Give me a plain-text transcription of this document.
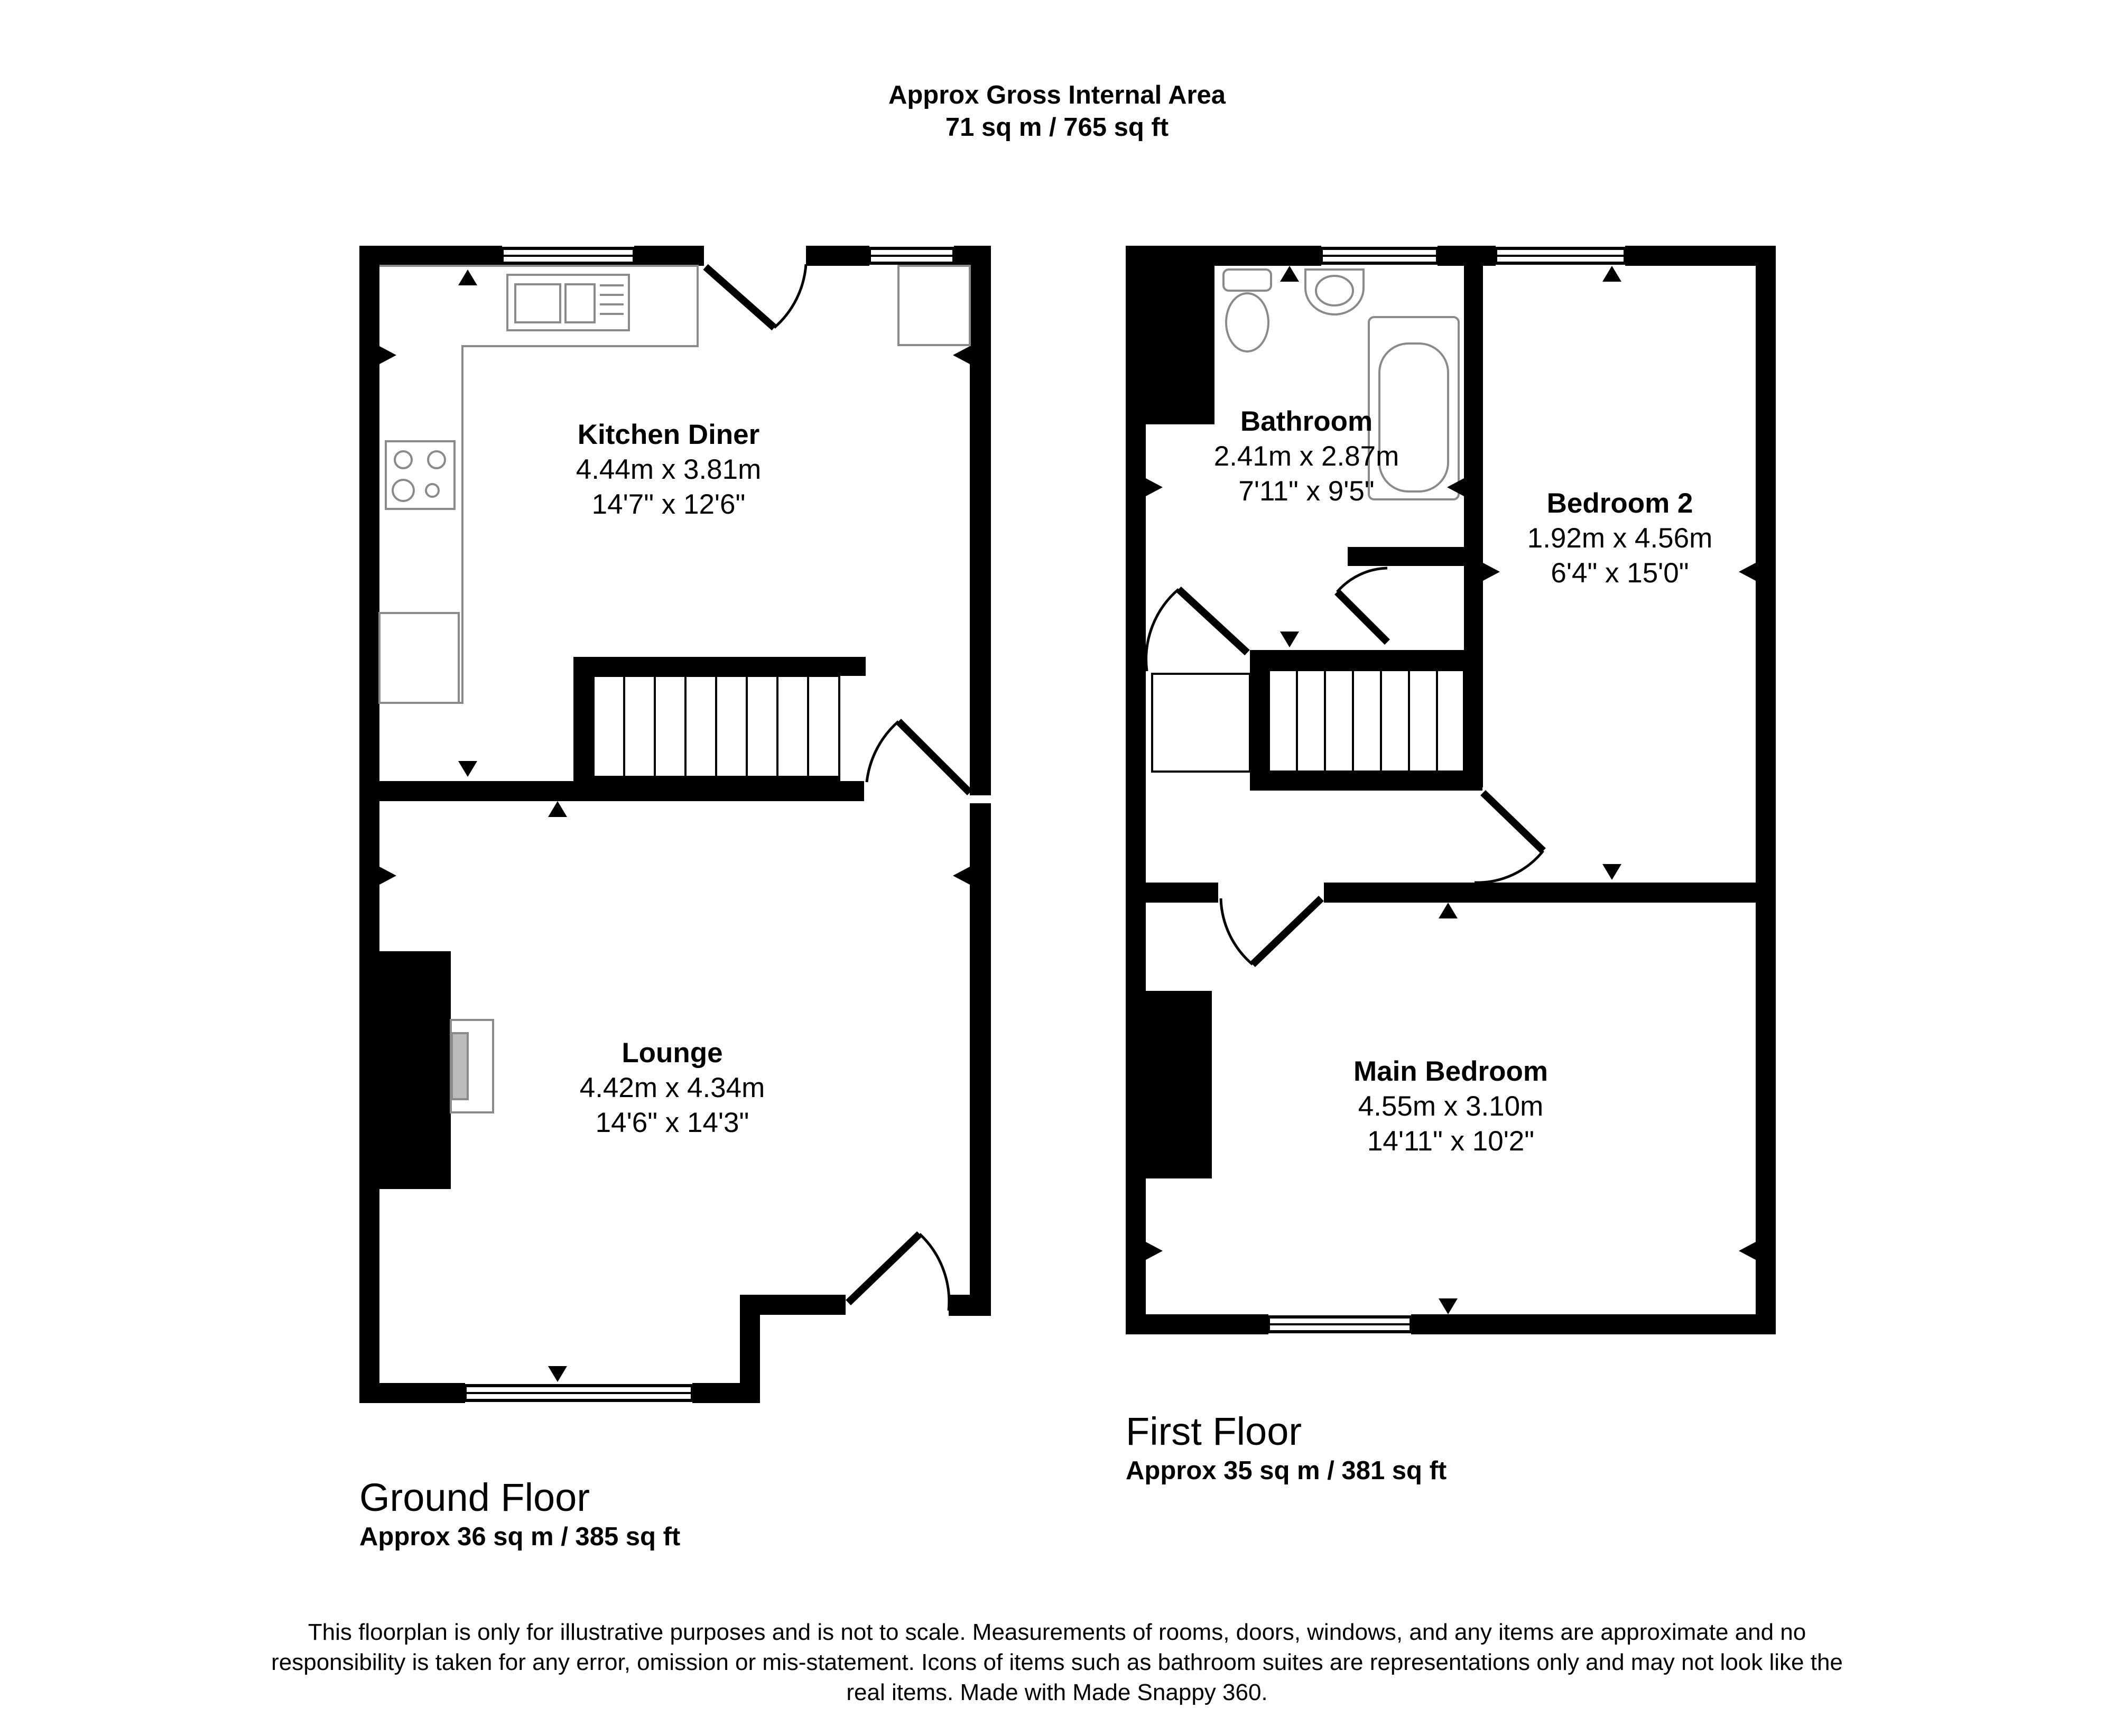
Approx Gross Internal Area
71 sq m / 765 sq ft
Kitchen Diner
4.44m x 3.81m
14'7" x 12'6"
Lounge
4.42m x 4.34m
14'6" x 14'3"
Bathroom
2.41m x 2.87m
7'11" x 9'5"	Bedroom 2
1.92m x 4.56m
6'4" x 15'0"
Main Bedroom
4.55m x 3.10m
14'11" x 10'2"
Ground Floor
Approx 36 sq m / 385 sq ft
First Floor
Approx 35 sq m / 381 sq ft
This floorplan is only for illustrative purposes and is not to scale. Measurements of rooms, doors, windows, and any items are approximate and no responsibility is taken for any error, omission or mis-statement. Icons of items such as bathroom suites are representations only and may not look like the real items. Made with Made Snappy 360.
